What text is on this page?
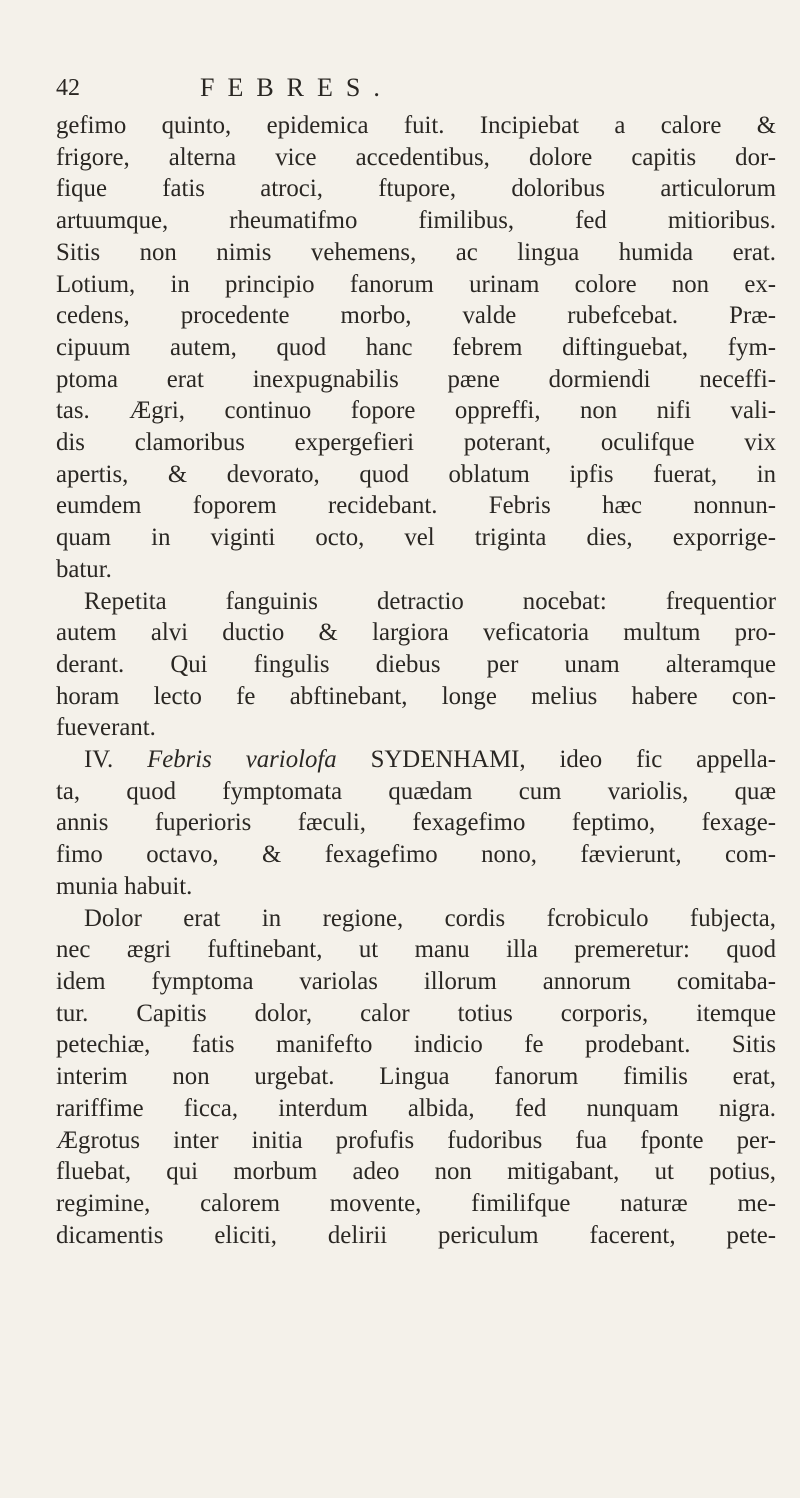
42	FEBRES.
gefimo quinto, epidemica fuit. Incipiebat a calore &
frigore, alterna vice accedentibus, dolore capitis dor-
fique fatis atroci, ftupore, doloribus articulorum
artuumque, rheumatifmo fimilibus, fed mitioribus.
Sitis non nimis vehemens, ac lingua humida erat.
Lotium, in principio fanorum urinam colore non ex-
cedens, procedente morbo, valde rubefcebat. Præ-
cipuum autem, quod hanc febrem diftinguebat, fym-
ptoma erat inexpugnabilis pæne dormiendi neceffi-
tas. Ægri, continuo fopore oppreffi, non nifi vali-
dis clamoribus expergefieri poterant, oculifque vix
apertis, & devorato, quod oblatum ipfis fuerat, in
eumdem foporem recidebant. Febris hæc nonnun-
quam in viginti octo, vel triginta dies, exporrige-
batur.
Repetita fanguinis detractio nocebat: frequentior
autem alvi ductio & largiora veficatoria multum pro-
derant. Qui fingulis diebus per unam alteramque
horam lecto fe abftinebant, longe melius habere con-
fueverant.
IV. Febris variolofa SYDENHAMI, ideo fic appella-
ta, quod fymptomata quædam cum variolis, quæ
annis fuperioris fæculi, fexagefimo feptimo, fexage-
fimo octavo, & fexagefimo nono, fævierunt, com-
munia habuit.
Dolor erat in regione, cordis fcrobiculo fubjecta,
nec ægri fuftinebant, ut manu illa premeretur: quod
idem fymptoma variolas illorum annorum comitaba-
tur. Capitis dolor, calor totius corporis, itemque
petechiæ, fatis manifefto indicio fe prodebant. Sitis
interim non urgebat. Lingua fanorum fimilis erat,
rariffime ficca, interdum albida, fed nunquam nigra.
Ægrotus inter initia profufis fudoribus fua fponte per-
fluebat, qui morbum adeo non mitigabant, ut potius,
regimine, calorem movente, fimilifque naturæ me-
dicamentis eliciti, delirii periculum facerent, pete-
